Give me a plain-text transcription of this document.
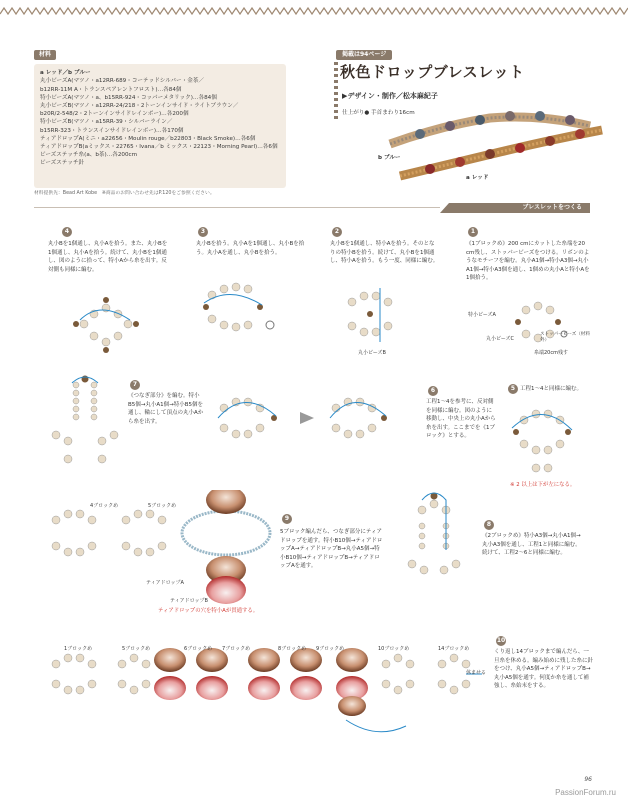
材料
a レッド／b ブルー
丸小ビーズA(マツノ・a12RR-689・コーテッドシルバー・金茶／
b12RR-11M A・トランスペアレントフロスト)…各84個
特小ビーズA(マツノ・a、b15RR-924・コッパーメタリック)…各84個
丸小ビーズB(マツノ・a12RR-24/218・2トーンインサイド・ライトブラウン／
b20R/2-548/2・2トーンインサイドレインボー)…各200個
特小ビーズB(マツノ・a15RR-39・シルバーライン／
b15RR-323・トランスインサイドレインボー)…各170個
ティアドロップA(ミニ・a22656・Moulin rouge／b22803・Black Smoke)…各6個
ティアドロップB(aミックス・22765・Ivana／b ミックス・22123・Morning Pearl)…各6個
ビーズステッチ糸(a、b茶)…各200cm
ビーズステッチ針
材料提供先：Bead Art Kobe　※商品のお問い合わせ先はP.120をご参照ください。
掲載は94ページ
秋色ドロップブレスレット
▶デザイン・制作／松本麻紀子
仕上がり● 手首まわり16cm
b ブルー
a レッド
ブレスレットをつくる
4
丸小Bを1個通し、丸小Aを拾う。また、丸小Bを1個通し、丸小Aを拾う。続けて、丸小Bを1個通し、図のように拾って、特小Aから糸を出す。反対側も同様に編む。
3
丸小Bを拾う。丸小Aを1個通し、丸小Bを拾う。丸小Aを通し、丸小Bを拾う。
2
丸小Bを1個通し、特小Aを拾う。そのとなりの特小Bを拾う。続けて、丸小Bを1個通し、特小Aを拾う。もう一度、同様に編む。
丸小ビーズB
1
《1ブロックめ》200 cmにカットした糸端を20 cm残し、ストッパービーズをつける。リボンのようなモチーフを編む。丸小A1個→特小A3個→丸小A1個→特小A3個を通し、1個めの丸小Aと特小Aを1個拾う。
特小ビーズA
丸小ビーズC
ストッパービーズ（材料外）
糸端20cm残す
7
《つなぎ部分》を編む。特小B5個→丸小A1個→特小B5個を通し、輪にして頂点の丸小Aから糸を出す。
6
工程1〜4を参考に、反対側を同様に編む。図のように移動し、中央上の丸小Aから糸を出す。ここまでを《1ブロック》とする。
5 工程1〜4と同様に編む。
※ 2 以上は下が左になる。
4ブロックめ	5ブロックめ
ティアドロップA
ティアドロップB
ティアドロップの穴を特小Aが貫通する。
9
5ブロック編んだら、つなぎ部分にティアドロップを通す。特小B10個→ティアドロップA→ティアドロップB→丸小A5個→特小B10個→ティアドロップB→ティアドロップAを通す。
8
《2ブロックめ》特小A3個→丸小A1個→丸小A3個を通し、工程1と同様に編む。続けて、工程2〜6と同様に編む。
1ブロックめ	5ブロックめ	6ブロックめ 7ブロックめ	8ブロックめ 9ブロックめ	10ブロックめ	14ブロックめ
休ませる
10
くり返し14ブロックまで編んだら、一旦糸を休める。編み始めに残した糸に針をつけ、丸小A5個→ティアドロップB→丸小A5個を通す。何度か糸を通して補強し、糸始末をする。
96
PassionForum.ru
